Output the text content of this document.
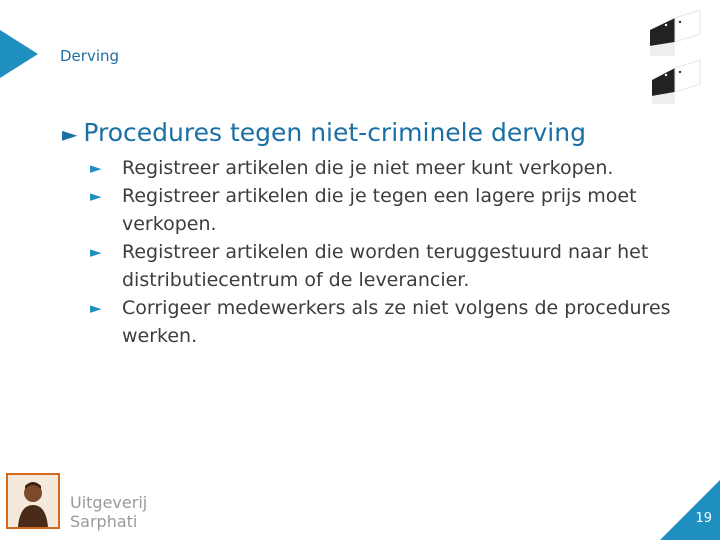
Derving
► Procedures tegen niet-criminele derving
►	Registreer artikelen die je niet meer kunt verkopen.
►	Registreer artikelen die je tegen een lagere prijs moet verkopen.
►	Registreer artikelen die worden teruggestuurd naar het distributiecentrum of de leverancier.
►	Corrigeer medewerkers als ze niet volgens de procedures werken.
Uitgeverij
Sarphati	19
